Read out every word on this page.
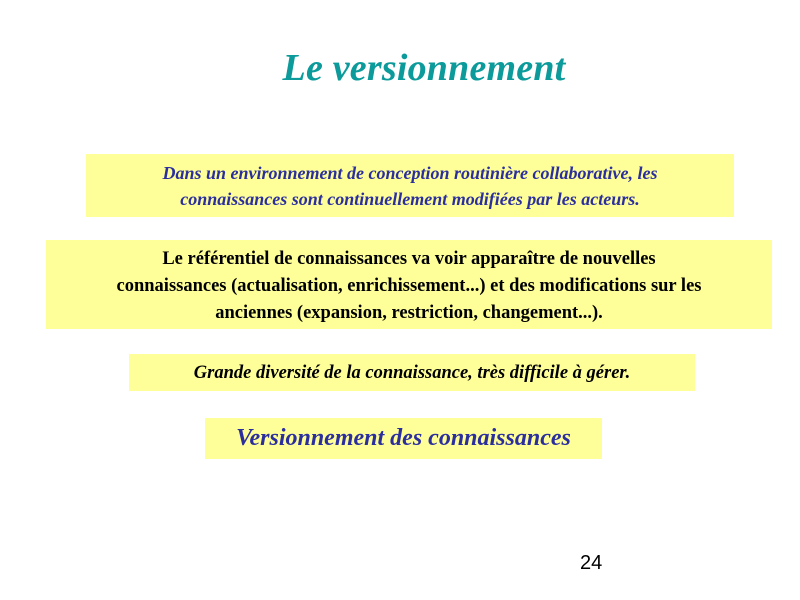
Le versionnement
Dans un environnement de conception routinière collaborative, les
connaissances sont continuellement modifiées par les acteurs.
Le référentiel de connaissances va voir apparaître de nouvelles
connaissances (actualisation, enrichissement...) et des modifications sur les
anciennes (expansion, restriction, changement...).
Grande diversité de la connaissance, très difficile à gérer.
Versionnement des connaissances
24
